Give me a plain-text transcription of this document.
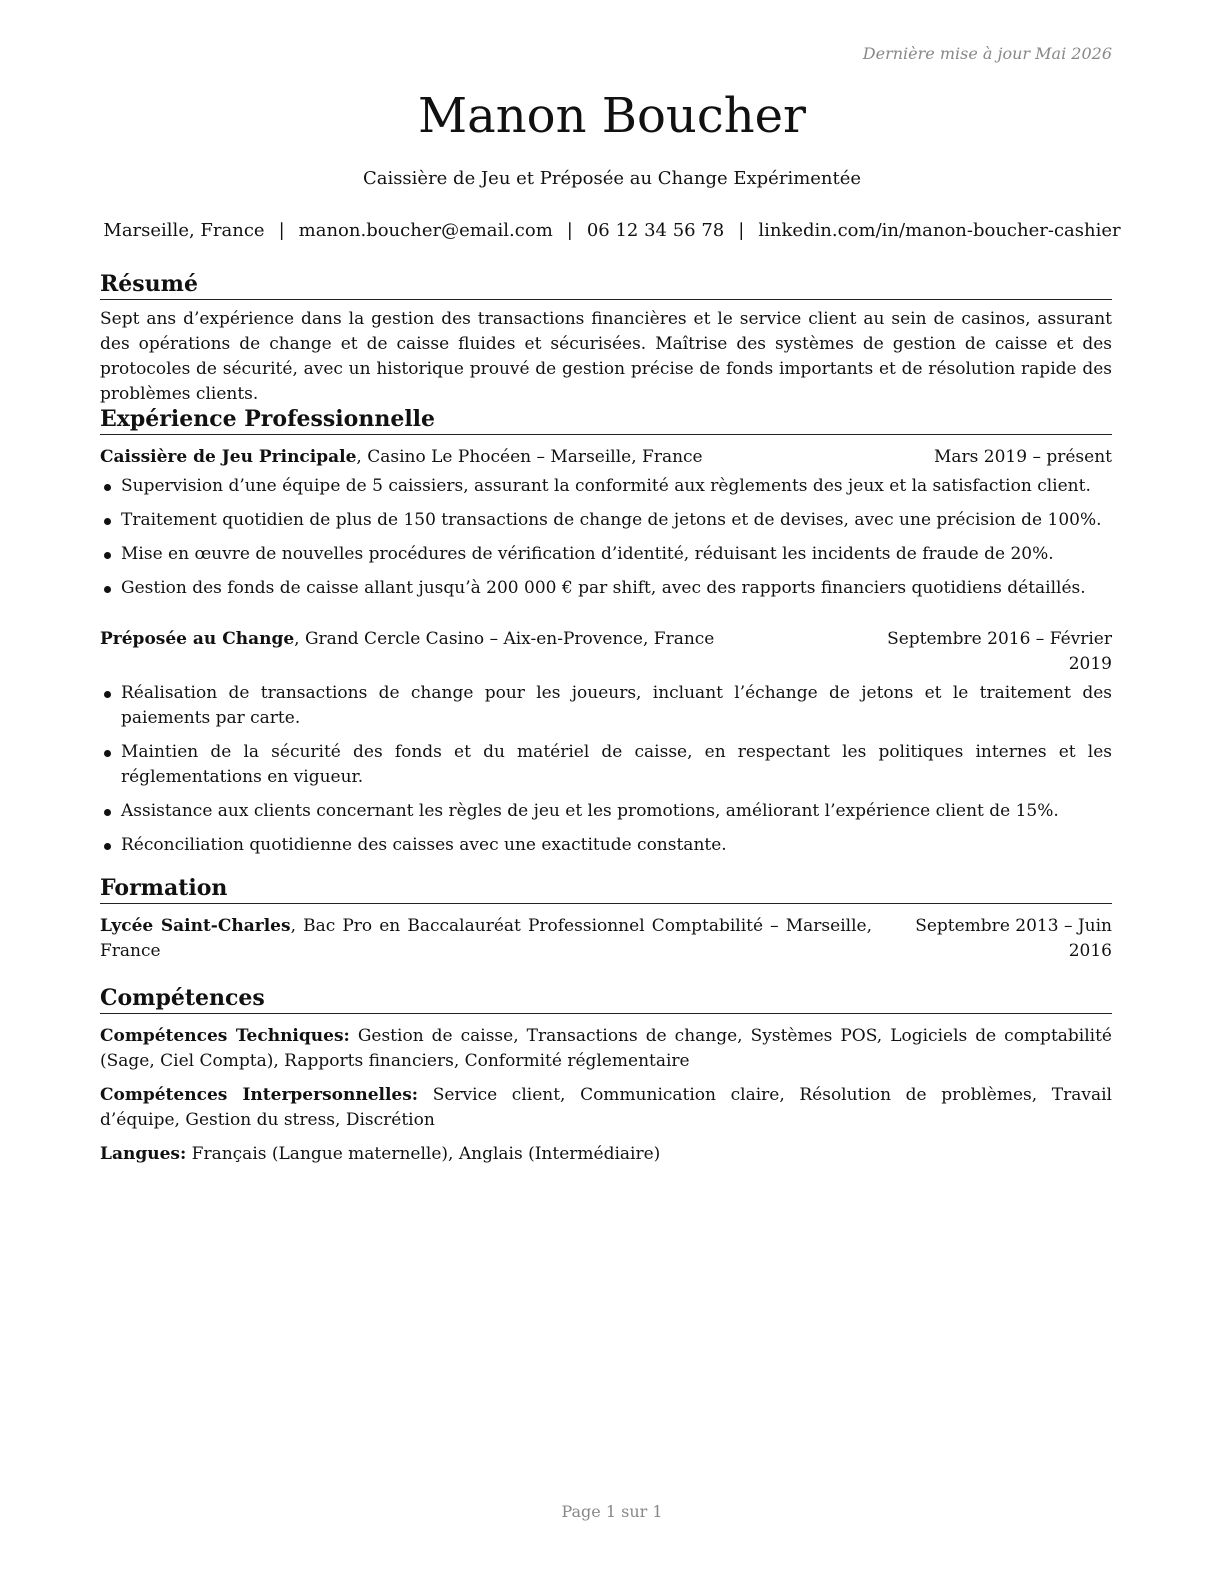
Dernière mise à jour Mai 2026
Manon Boucher
Caissière de Jeu et Préposée au Change Expérimentée
Marseille, France | manon.boucher@email.com | 06 12 34 56 78 | linkedin.com/in/manon-boucher-cashier
Résumé

Sept ans d’expérience dans la gestion des transactions financières et le service client au sein de casinos, assurant des opérations de change et de caisse fluides et sécurisées. Maîtrise des systèmes de gestion de caisse et des protocoles de sécurité, avec un historique prouvé de gestion précise de fonds importants et de résolution rapide des problèmes clients.

Expérience Professionnelle
Caissière de Jeu Principale, Casino Le Phocéen – Marseille, France	Mars 2019 – présent
Supervision d’une équipe de 5 caissiers, assurant la conformité aux règlements des jeux et la satisfaction client.
Traitement quotidien de plus de 150 transactions de change de jetons et de devises, avec une précision de 100%.
Mise en œuvre de nouvelles procédures de vérification d’identité, réduisant les incidents de fraude de 20%.
Gestion des fonds de caisse allant jusqu’à 200 000 € par shift, avec des rapports financiers quotidiens détaillés.
Préposée au Change, Grand Cercle Casino – Aix-en-Provence, France	Septembre 2016 – Février 2019
Réalisation de transactions de change pour les joueurs, incluant l’échange de jetons et le traitement des paiements par carte.
Maintien de la sécurité des fonds et du matériel de caisse, en respectant les politiques internes et les réglementations en vigueur.
Assistance aux clients concernant les règles de jeu et les promotions, améliorant l’expérience client de 15%.
Réconciliation quotidienne des caisses avec une exactitude constante.
Formation
Lycée Saint-Charles, Bac Pro en Baccalauréat Professionnel Comptabilité – Marseille, France
Septembre 2013 – Juin 2016
Compétences

Compétences Techniques: Gestion de caisse, Transactions de change, Systèmes POS, Logiciels de comptabilité (Sage, Ciel Compta), Rapports financiers, Conformité réglementaire

Compétences Interpersonnelles: Service client, Communication claire, Résolution de problèmes, Travail d’équipe, Gestion du stress, Discrétion

Langues: Français (Langue maternelle), Anglais (Intermédiaire)

Page 1 sur 1
